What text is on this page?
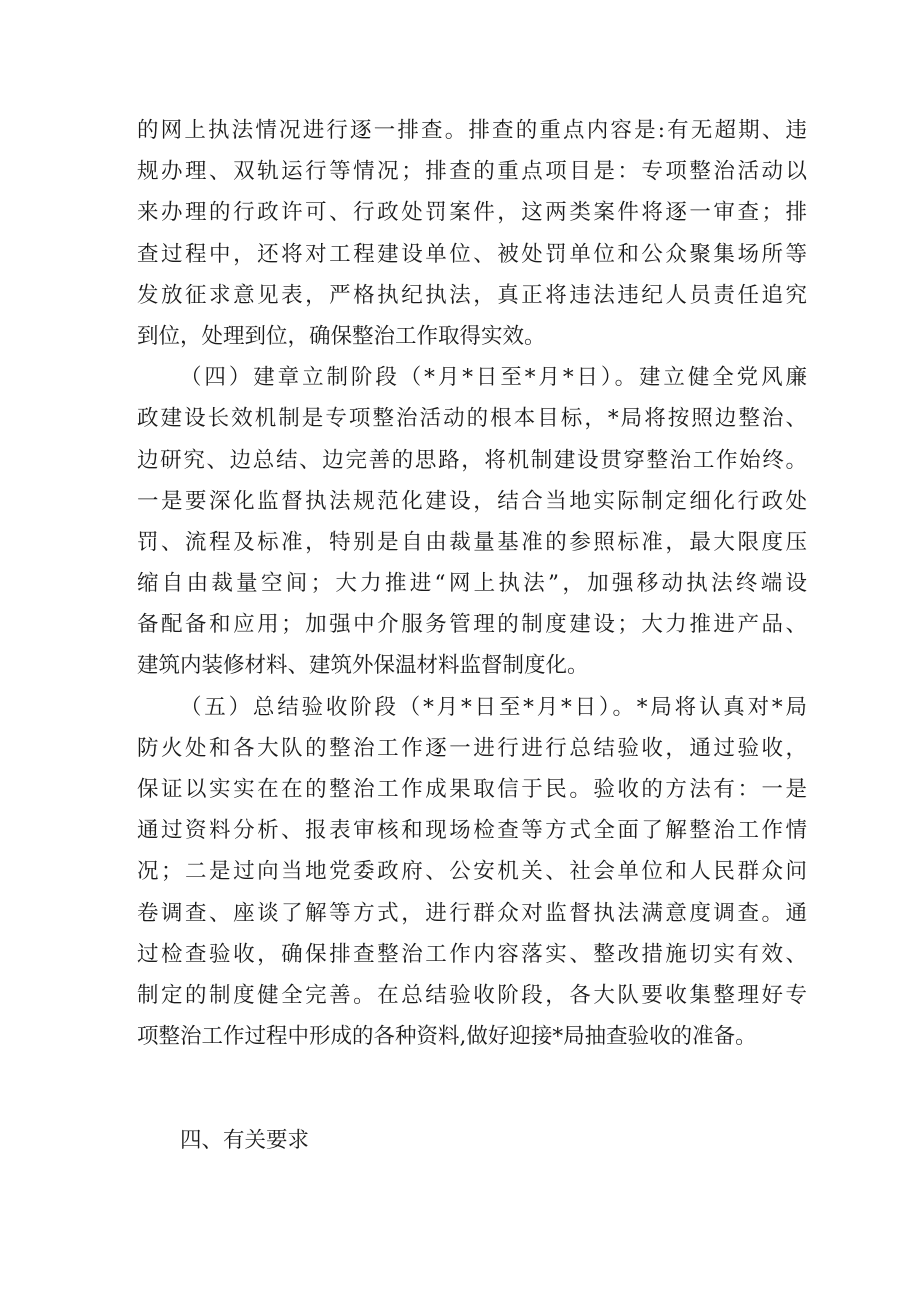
的网上执法情况进行逐一排查。排查的重点内容是:有无超期、违
规办理、双轨运行等情况；排查的重点项目是：专项整治活动以
来办理的行政许可、行政处罚案件，这两类案件将逐一审查；排
查过程中，还将对工程建设单位、被处罚单位和公众聚集场所等
发放征求意见表，严格执纪执法，真正将违法违纪人员责任追究
到位，处理到位，确保整治工作取得实效。
（四）建章立制阶段（*月*日至*月*日）。建立健全党风廉
政建设长效机制是专项整治活动的根本目标，*局将按照边整治、
边研究、边总结、边完善的思路，将机制建设贯穿整治工作始终。
一是要深化监督执法规范化建设，结合当地实际制定细化行政处
罚、流程及标准，特别是自由裁量基准的参照标准，最大限度压
缩自由裁量空间；大力推进“网上执法”，加强移动执法终端设
备配备和应用；加强中介服务管理的制度建设；大力推进产品、
建筑内装修材料、建筑外保温材料监督制度化。
（五）总结验收阶段（*月*日至*月*日）。*局将认真对*局
防火处和各大队的整治工作逐一进行进行总结验收，通过验收，
保证以实实在在的整治工作成果取信于民。验收的方法有：一是
通过资料分析、报表审核和现场检查等方式全面了解整治工作情
况；二是过向当地党委政府、公安机关、社会单位和人民群众问
卷调查、座谈了解等方式，进行群众对监督执法满意度调查。通
过检查验收，确保排查整治工作内容落实、整改措施切实有效、
制定的制度健全完善。在总结验收阶段，各大队要收集整理好专
项整治工作过程中形成的各种资料,做好迎接*局抽查验收的准备。
四、有关要求
